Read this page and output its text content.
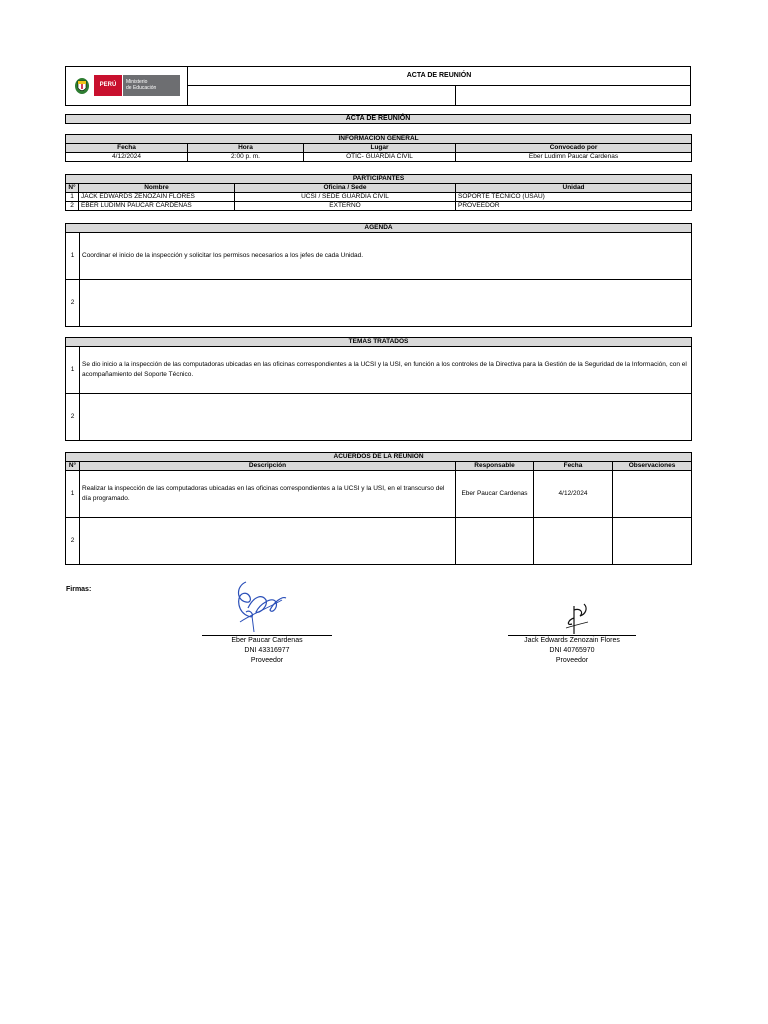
PERÚ	Ministerio
de Educación
ACTA DE REUNIÓN
ACTA DE REUNIÓN
INFORMACIÓN GENERAL			
Fecha	Hora	Lugar	Convocado por
4/12/2024	2:00 p. m.	OTIC- GUARDIA CIVIL	Eber Ludimn Paucar Cardenas
PARTICIPANTES			
N°	Nombre	Oficina / Sede	Unidad
1	JACK EDWARDS ZENOZAIN FLORES	UCSI / SEDE GUARDIA CIVIL	SOPORTE TÉCNICO (USAU)
2	EBER LUDIMN PAUCAR CARDENAS	EXTERNO	PROVEEDOR
AGENDA	
1	Coordinar el inicio de la inspección y solicitar los permisos necesarios a los jefes de cada Unidad.
2	
TEMAS TRATADOS	
1	Se dio inicio a la inspección de las computadoras ubicadas en las oficinas correspondientes a la UCSI y la USI, en función a los controles de la Directiva para la Gestión de la Seguridad de la Información, con el acompañamiento del Soporte Técnico.
2	
ACUERDOS DE LA REUNIÓN				
N°	Descripción	Responsable	Fecha	Observaciones
1	Realizar la inspección de las computadoras ubicadas en las oficinas correspondientes a la UCSI y la USI, en el transcurso del día programado.	Eber Paucar Cardenas	4/12/2024	
2				
Firmas:
Eber Paucar Cardenas
DNI 43316977
Proveedor
Jack Edwards Zenozain Flores
DNI 40765970
Proveedor
